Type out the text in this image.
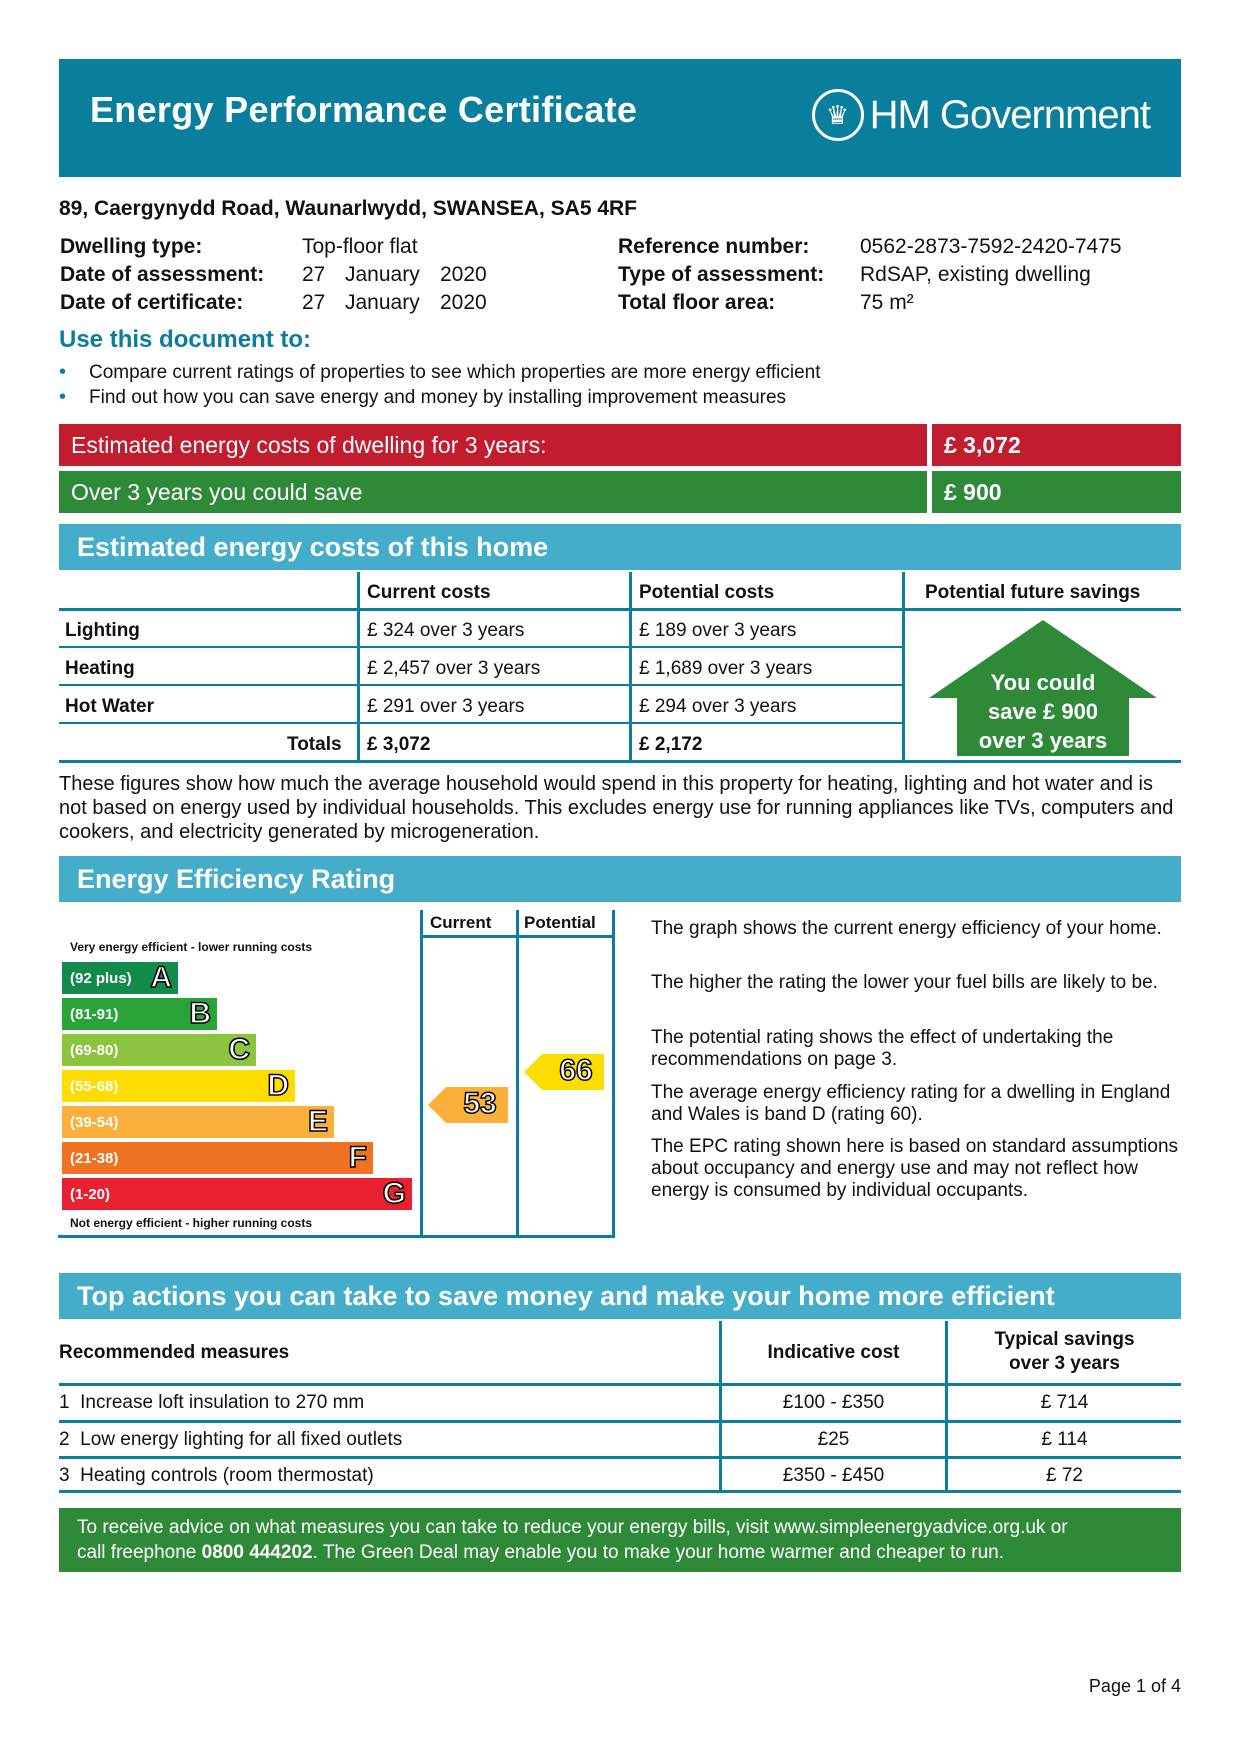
Energy Performance Certificate	♛ HM Government
89, Caergynydd Road, Waunarlwydd, SWANSEA, SA5 4RF
Dwelling type:	Top-floor flat
Date of assessment: 27 January 2020
Date of certificate:	27 January 2020
Reference number: 0562-2873-7592-2420-7475
Type of assessment: RdSAP, existing dwelling
Total floor area:	75 m²
Use this document to:
•	Compare current ratings of properties to see which properties are more energy efficient
•	Find out how you can save energy and money by installing improvement measures
Estimated energy costs of dwelling for 3 years:	£ 3,072
Over 3 years you could save	£ 900
Estimated energy costs of this home
Current costs	Potential costs	Potential future savings
Lighting	£ 324 over 3 years	£ 189 over 3 years
Heating	£ 2,457 over 3 years	£ 1,689 over 3 years
Hot Water	£ 291 over 3 years	£ 294 over 3 years
Totals £ 3,072	£ 2,172
You could
save £ 900
over 3 years
These figures show how much the average household would spend in this property for heating, lighting and hot water and is not based on energy used by individual households. This excludes energy use for running appliances like TVs, computers and cookers, and electricity generated by microgeneration.
Energy Efficiency Rating
Current Potential
Very energy efficient - lower running costs
Not energy efficient - higher running costs
(92 plus) A
(81-91) B
(69-80)	C
(55-68)	D
(39-54)	E
(21-38)	F
(1-20)	G
53
66
The graph shows the current energy efficiency of your home.
The higher the rating the lower your fuel bills are likely to be.
The potential rating shows the effect of undertaking the recommendations on page 3.
The average energy efficiency rating for a dwelling in England and Wales is band D (rating 60).
The EPC rating shown here is based on standard assumptions about occupancy and energy use and may not reflect how energy is consumed by individual occupants.
Top actions you can take to save money and make your home more efficient
Recommended measures	Indicative cost
Typical savings
over 3 years
1 Increase loft insulation to 270 mm	£100 - £350	£ 714
2 Low energy lighting for all fixed outlets	£25	£ 114
3 Heating controls (room thermostat)	£350 - £450	£ 72
To receive advice on what measures you can take to reduce your energy bills, visit www.simpleenergyadvice.org.uk or
call freephone 0800 444202. The Green Deal may enable you to make your home warmer and cheaper to run.
Page 1 of 4
